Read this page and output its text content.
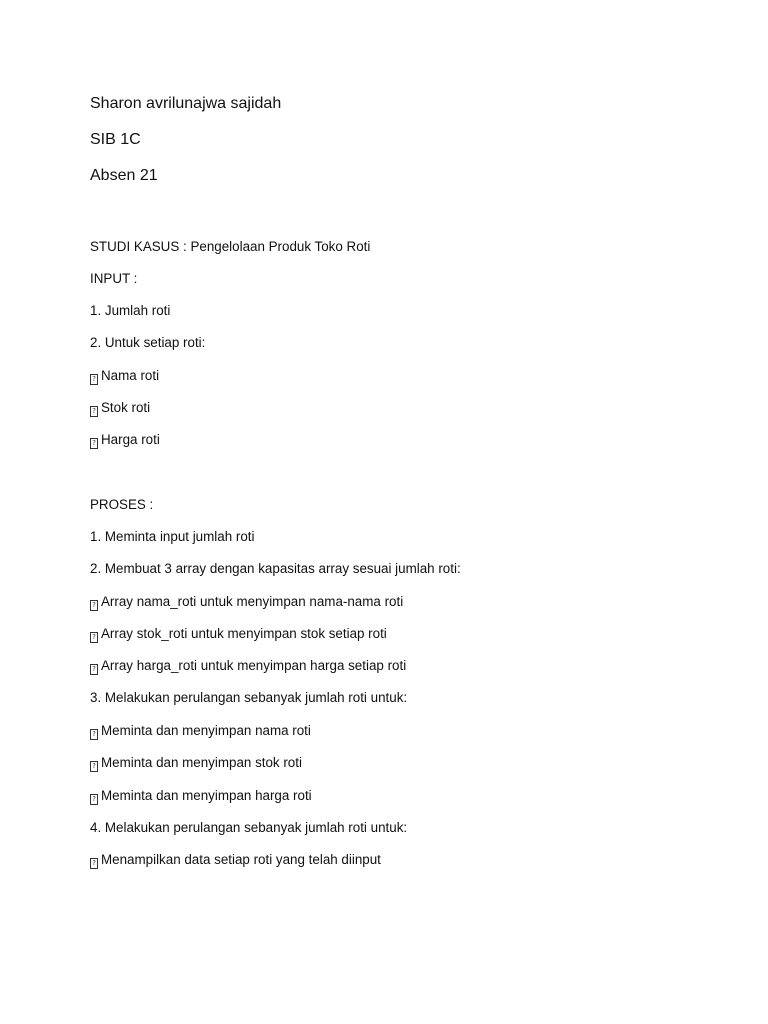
Sharon avrilunajwa sajidah
SIB 1C
Absen 21
STUDI KASUS : Pengelolaan Produk Toko Roti
INPUT :
1. Jumlah roti
2. Untuk setiap roti:
? Nama roti
? Stok roti
? Harga roti
PROSES :
1. Meminta input jumlah roti
2. Membuat 3 array dengan kapasitas array sesuai jumlah roti:
? Array nama_roti untuk menyimpan nama-nama roti
? Array stok_roti untuk menyimpan stok setiap roti
? Array harga_roti untuk menyimpan harga setiap roti
3. Melakukan perulangan sebanyak jumlah roti untuk:
? Meminta dan menyimpan nama roti
? Meminta dan menyimpan stok roti
? Meminta dan menyimpan harga roti
4. Melakukan perulangan sebanyak jumlah roti untuk:
? Menampilkan data setiap roti yang telah diinput
